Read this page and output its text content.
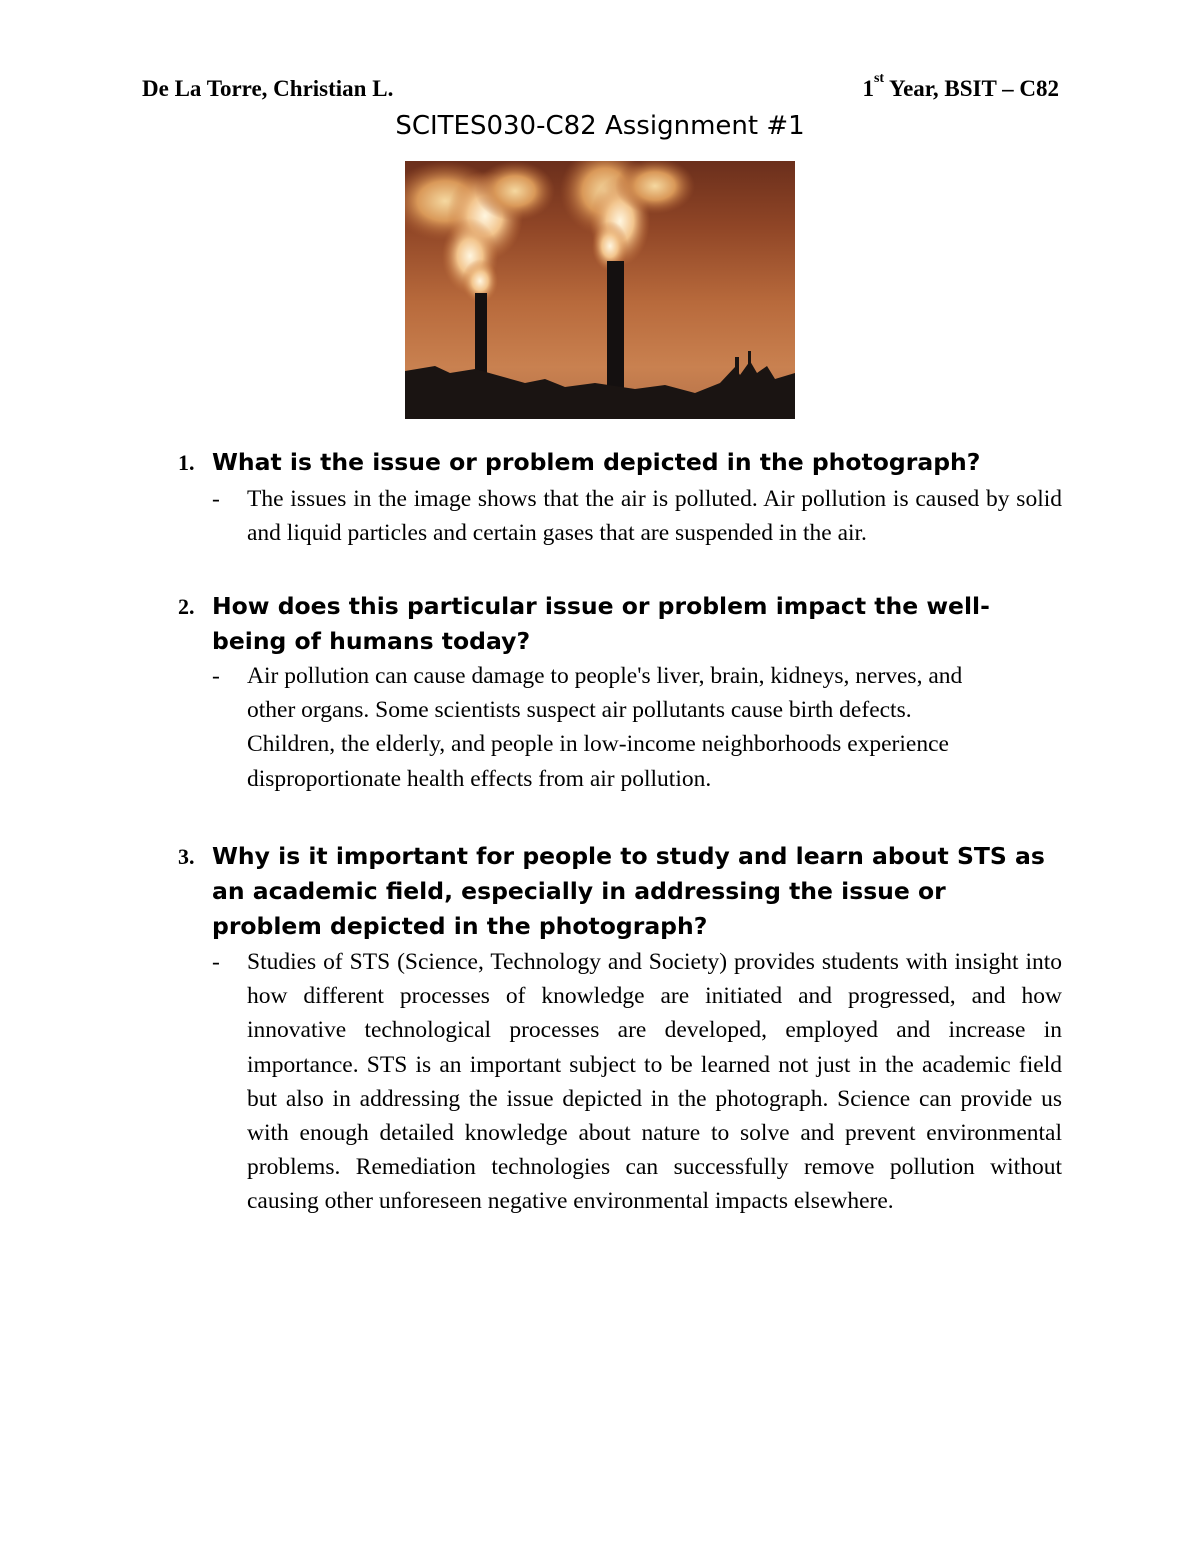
De La Torre, Christian L.	1st Year, BSIT – C82
SCITES030-C82 Assignment #1
1. What is the issue or problem depicted in the photograph?
- The issues in the image shows that the air is polluted. Air pollution is caused by solid and liquid particles and certain gases that are suspended in the air.
2. How does this particular issue or problem impact the well-being of humans today?
- Air pollution can cause damage to people's liver, brain, kidneys, nerves, and other organs. Some scientists suspect air pollutants cause birth defects. Children, the elderly, and people in low-income neighborhoods experience disproportionate health effects from air pollution.
3. Why is it important for people to study and learn about STS as an academic field, especially in addressing the issue or problem depicted in the photograph?
- Studies of STS (Science, Technology and Society) provides students with insight into how different processes of knowledge are initiated and progressed, and how innovative technological processes are developed, employed and increase in importance. STS is an important subject to be learned not just in the academic field but also in addressing the issue depicted in the photograph. Science can provide us with enough detailed knowledge about nature to solve and prevent environmental problems. Remediation technologies can successfully remove pollution without causing other unforeseen negative environmental impacts elsewhere.
